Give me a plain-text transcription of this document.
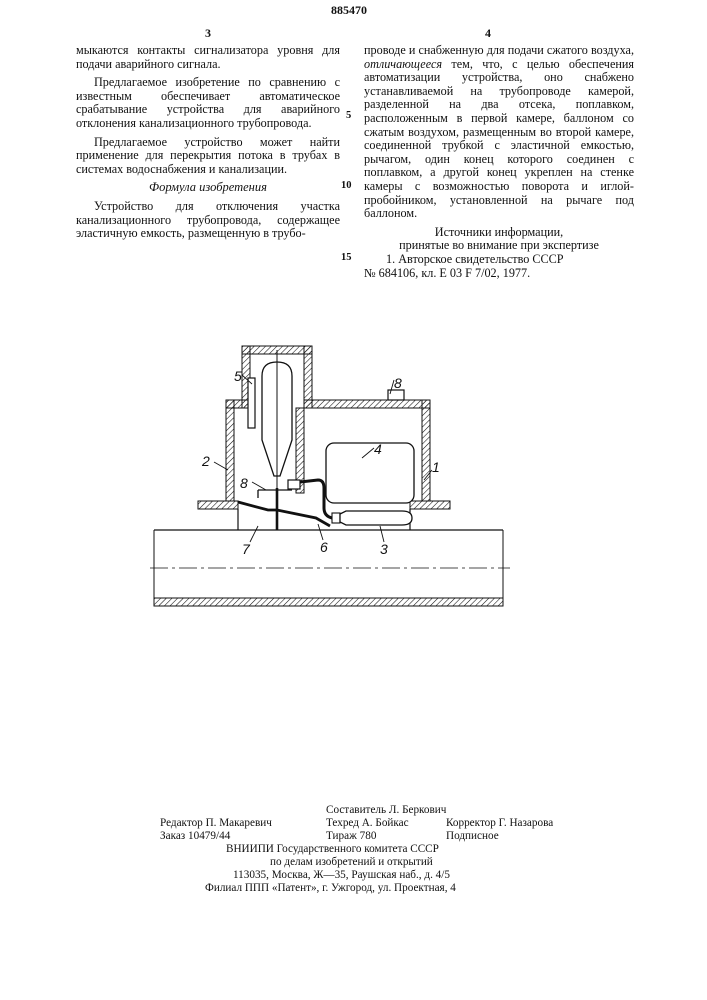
3
885470
4

мыкаются контакты сигнализатора уровня для подачи аварийного сигнала.

Предлагаемое изобретение по сравнению с известным обеспечивает автоматическое срабатывание устройства для аварийного отклонения канализационного трубопровода.

Предлагаемое устройство может найти применение для перекрытия потока в трубах в системах водоснабжения и канализации.

Формула изобретения

Устройство для отключения участка канализационного трубопровода, содержащее эластичную емкость, размещенную в трубо-

5
10
15

проводе и снабженную для подачи сжатого воздуха, отличающееся тем, что, с целью обеспечения автоматизации устройства, оно снабжено устанавливаемой на трубопроводе камерой, разделенной на два отсека, поплавком, расположенным в первой камере, баллоном со сжатым воздухом, размещенным во второй камере, соединенной трубкой с эластичной емкостью, рычагом, один конец которого соединен с поплавком, а другой конец укреплен на стенке камеры с возможностью поворота и иглой-пробойником, установленной на рычаге под баллоном.

Источники информации,
принятые во внимание при экспертизе
1. Авторское свидетельство СССР
№ 684106, кл. Е 03 F 7/02, 1977.
5	8
4
2
8
1
7	6	3
Составитель Л. Беркович
Редактор П. Макаревич	Техред А. Бойкас	Корректор Г. Назарова
Заказ 10479/44	Тираж 780	Подписное
ВНИИПИ Государственного комитета СССР
по делам изобретений и открытий
113035, Москва, Ж—35, Раушская наб., д. 4/5
Филиал ППП «Патент», г. Ужгород, ул. Проектная, 4
